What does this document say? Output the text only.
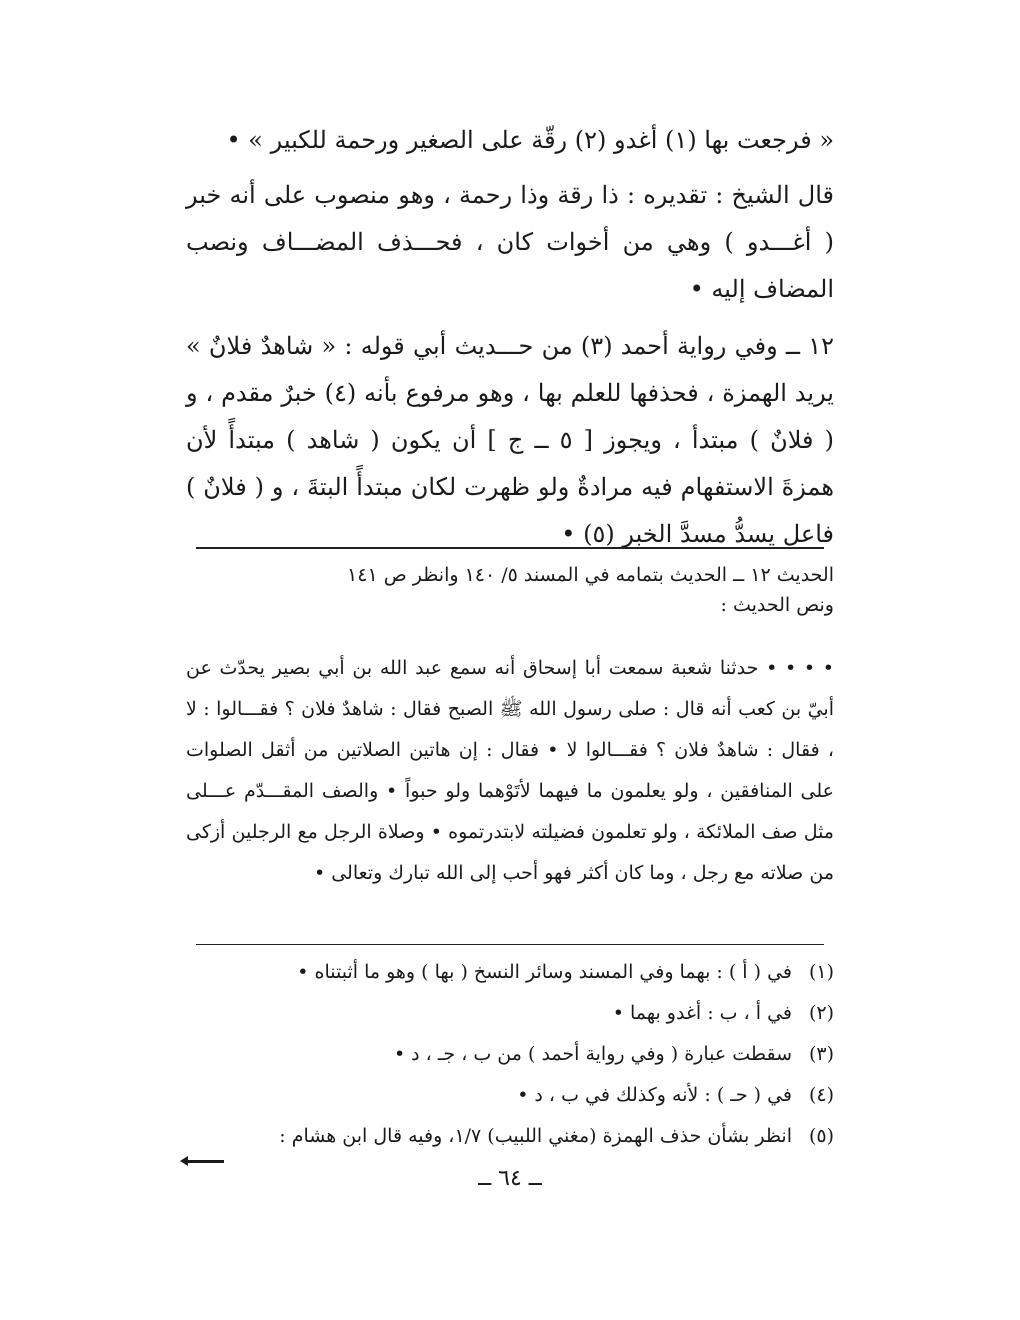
« فرجعت بها (١) أغدو (٢) رقّة على الصغير ورحمة للكبير » •

قال الشيخ : تقديره : ذا رقة وذا رحمة ، وهو منصوب على أنه خبر ( أغـــدو ) وهي من أخوات كان ، فحـــذف المضـــاف ونصب المضاف إليه •

١٢ ــ وفي رواية أحمد (٣) من حـــديث أبي قوله : « شاهدٌ فلانٌ » يريد الهمزة ، فحذفها للعلم بها ، وهو مرفوع بأنه (٤) خبرٌ مقدم ، و ( فلانٌ ) مبتدأ ، ويجوز [ ٥ ــ ج ] أن يكون ( شاهد ) مبتدأً لأن همزةَ الاستفهام فيه مرادةٌ ولو ظهرت لكان مبتدأً البتةَ ، و ( فلانٌ ) فاعل يسدُّ مسدَّ الخبر (٥) •

الحديث ١٢ ــ الحديث بتمامه في المسند ٥/ ١٤٠ وانظر ص ١٤١
ونص الحديث :
• • • • حدثنا شعبة سمعت أبا إسحاق أنه سمع عبد الله بن أبي بصير يحدّث عن أبيّ بن كعب أنه قال : صلى رسول الله ﷺ الصبح فقال : شاهدٌ فلان ؟ فقـــالوا : لا ، فقال : شاهدٌ فلان ؟ فقـــالوا لا • فقال : إن هاتين الصلاتين من أثقل الصلوات على المنافقين ، ولو يعلمون ما فيهما لأتَوْهما ولو حبواً • والصف المقـــدّم عـــلى مثل صف الملائكة ، ولو تعلمون فضيلته لابتدرتموه • وصلاة الرجل مع الرجلين أزكى من صلاته مع رجل ، وما كان أكثر فهو أحب إلى الله تبارك وتعالى •
(١)
في ( أ ) : بهما وفي المسند وسائر النسخ ( بها ) وهو ما أثبتناه •
(٢)
في أ ، ب : أغدو بهما •
(٣)
سقطت عبارة ( وفي رواية أحمد ) من ب ، جـ ، د •
(٤)
في ( حـ ) : لأنه وكذلك في ب ، د •
(٥)
انظر بشأن حذف الهمزة (مغني اللبيب) ١/٧، وفيه قال ابن هشام :
ــ ٦٤ ــ
